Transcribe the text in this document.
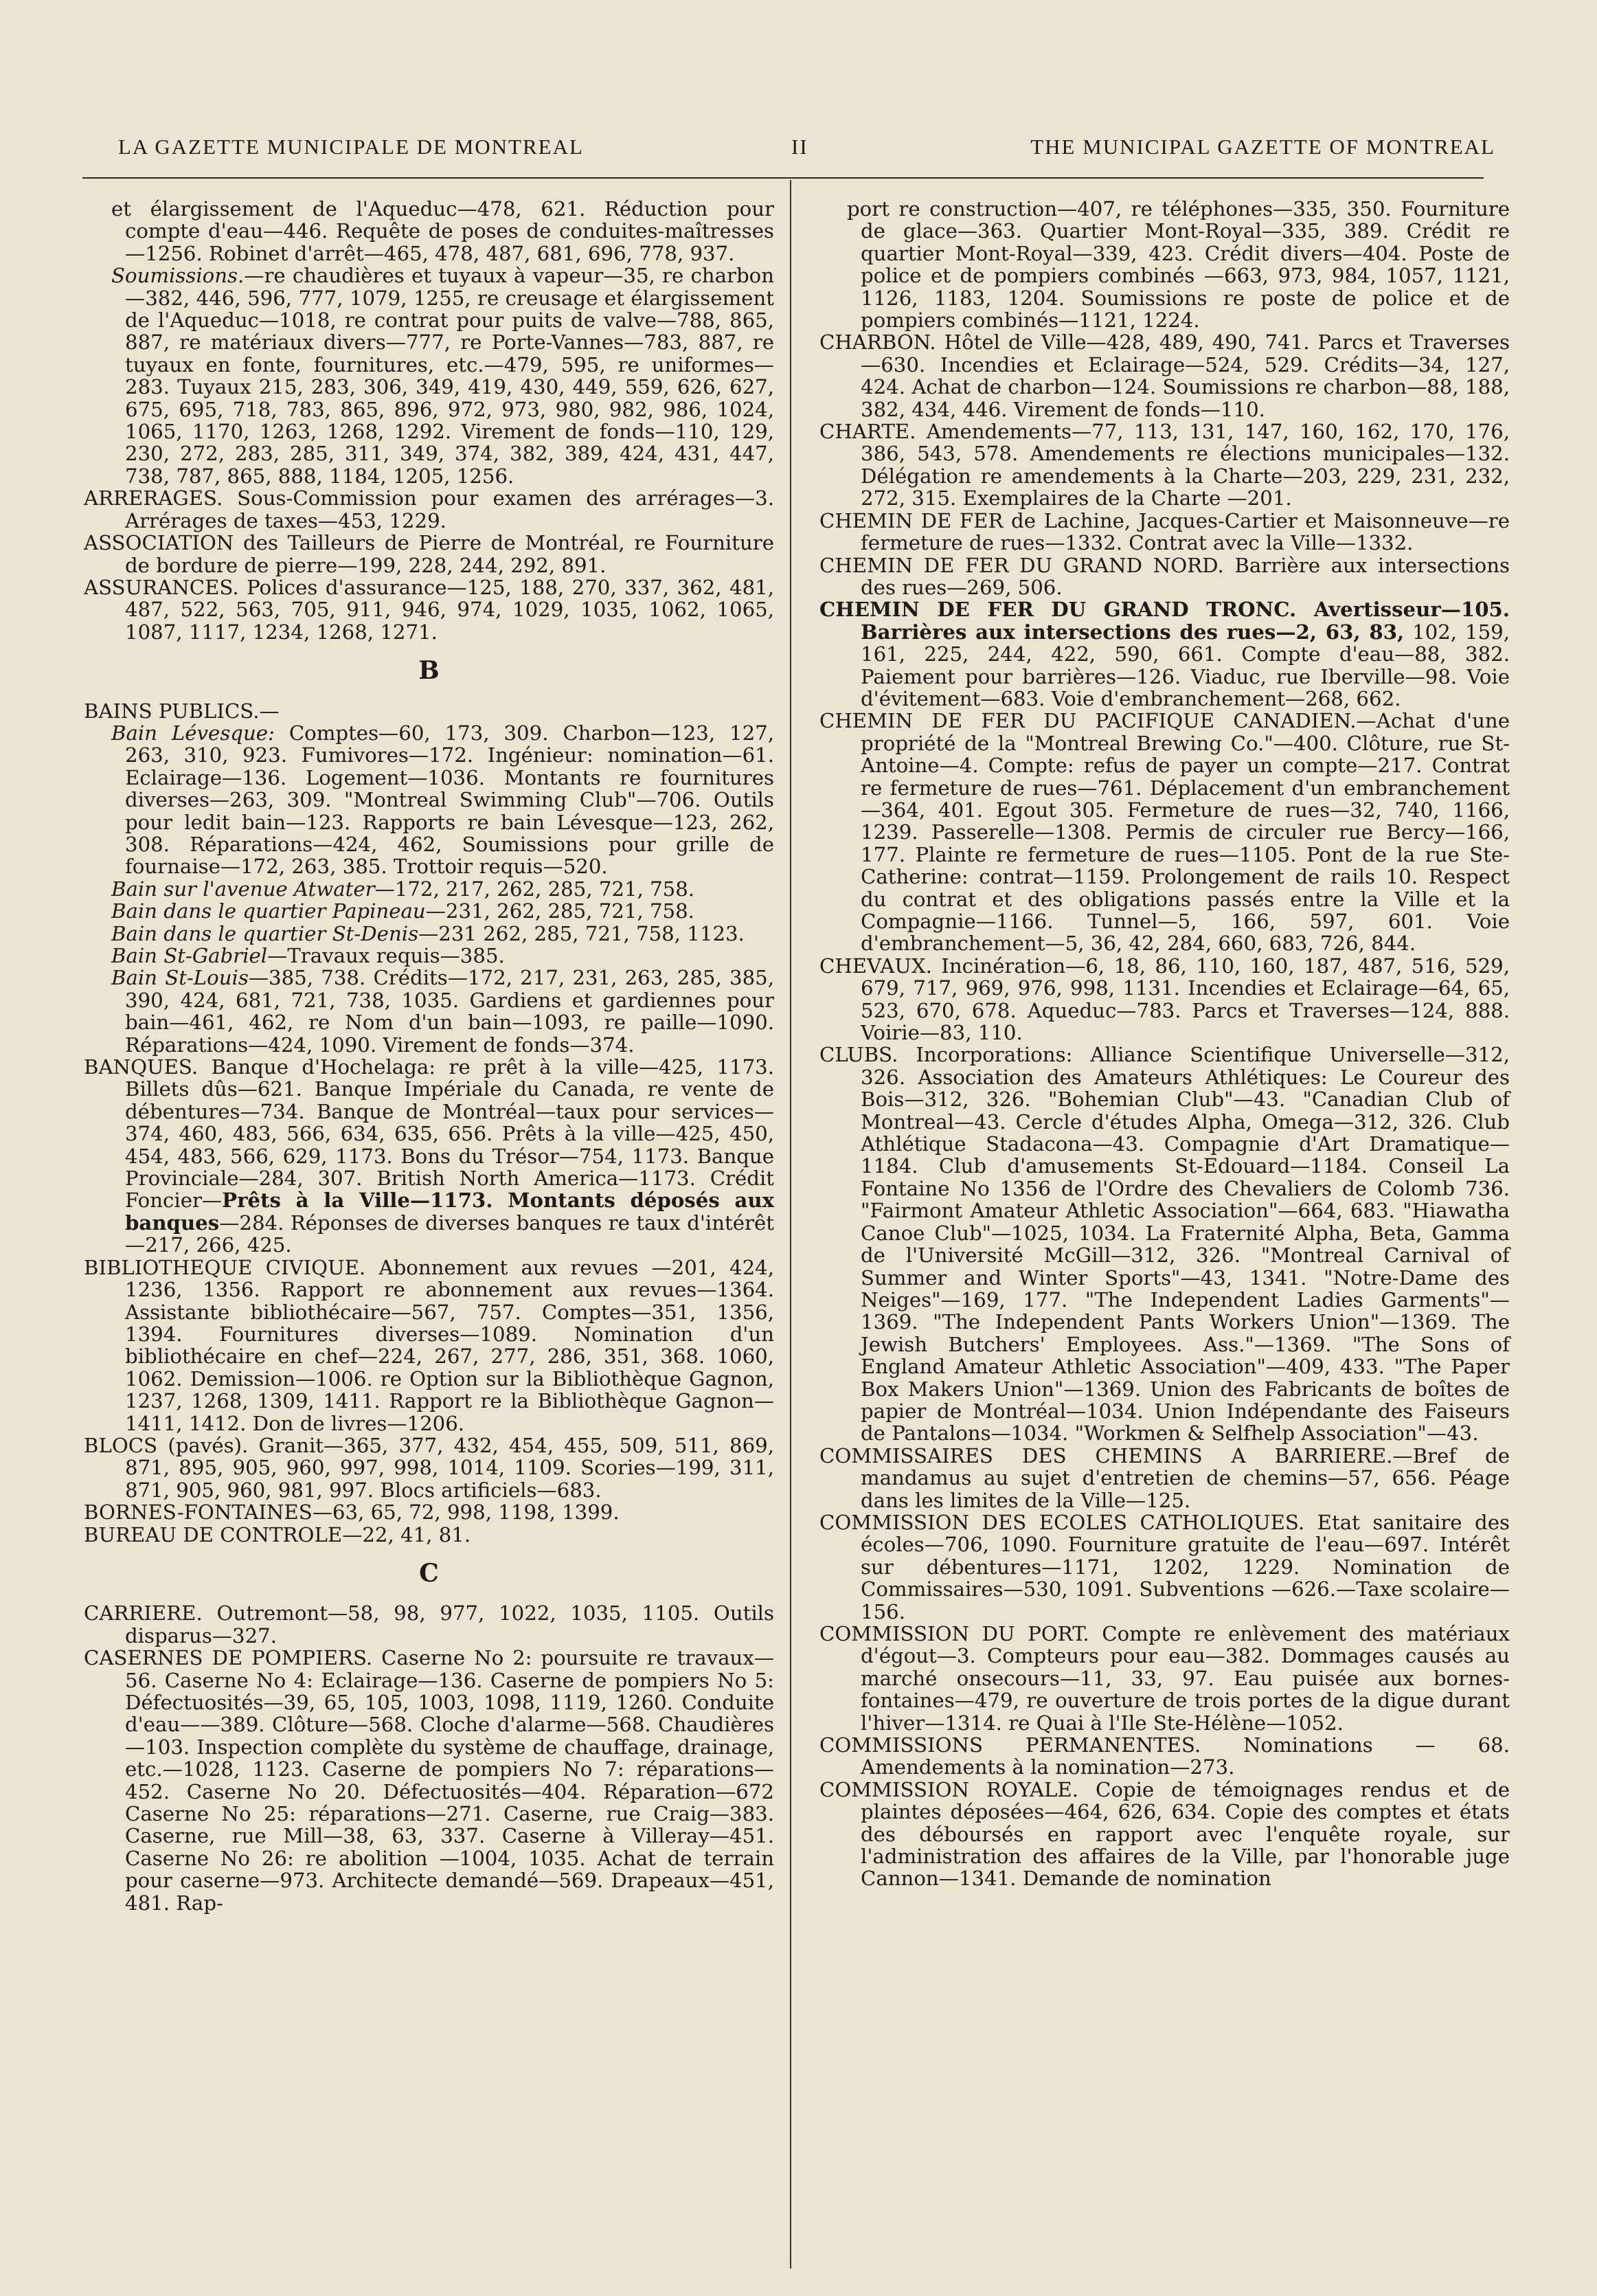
LA GAZETTE MUNICIPALE DE MONTREAL	II	THE MUNICIPAL GAZETTE OF MONTREAL

et élargissement de l'Aqueduc—478, 621. Réduction pour compte d'eau—446. Requête de poses de conduites-maîtresses—1256. Robinet d'arrêt—465, 478, 487, 681, 696, 778, 937.

Soumissions.—re chaudières et tuyaux à vapeur—35, re charbon—382, 446, 596, 777, 1079, 1255, re creusage et élargissement de l'Aqueduc—1018, re contrat pour puits de valve—788, 865, 887, re matériaux divers—777, re Porte-Vannes—783, 887, re tuyaux en fonte, fournitures, etc.—479, 595, re uniformes—283. Tuyaux 215, 283, 306, 349, 419, 430, 449, 559, 626, 627, 675, 695, 718, 783, 865, 896, 972, 973, 980, 982, 986, 1024, 1065, 1170, 1263, 1268, 1292. Virement de fonds—110, 129, 230, 272, 283, 285, 311, 349, 374, 382, 389, 424, 431, 447, 738, 787, 865, 888, 1184, 1205, 1256.

ARRERAGES. Sous-Commission pour examen des arrérages—3. Arrérages de taxes—453, 1229.

ASSOCIATION des Tailleurs de Pierre de Montréal, re Fourniture de bordure de pierre—199, 228, 244, 292, 891.

ASSURANCES. Polices d'assurance—125, 188, 270, 337, 362, 481, 487, 522, 563, 705, 911, 946, 974, 1029, 1035, 1062, 1065, 1087, 1117, 1234, 1268, 1271.

B

BAINS PUBLICS.—

Bain Lévesque: Comptes—60, 173, 309. Charbon—123, 127, 263, 310, 923. Fumivores—172. Ingénieur: nomination—61. Eclairage—136. Logement—1036. Montants re fournitures diverses—263, 309. "Montreal Swimming Club"—706. Outils pour ledit bain—123. Rapports re bain Lévesque—123, 262, 308. Réparations—424, 462, Soumissions pour grille de fournaise—172, 263, 385. Trottoir requis—520.

Bain sur l'avenue Atwater—172, 217, 262, 285, 721, 758.

Bain dans le quartier Papineau—231, 262, 285, 721, 758.

Bain dans le quartier St-Denis—231 262, 285, 721, 758, 1123.

Bain St-Gabriel—Travaux requis—385.

Bain St-Louis—385, 738. Crédits—172, 217, 231, 263, 285, 385, 390, 424, 681, 721, 738, 1035. Gardiens et gardiennes pour bain—461, 462, re Nom d'un bain—1093, re paille—1090. Réparations—424, 1090. Virement de fonds—374.

BANQUES. Banque d'Hochelaga: re prêt à la ville—425, 1173. Billets dûs—621. Banque Impériale du Canada, re vente de débentures—734. Banque de Montréal—taux pour services—374, 460, 483, 566, 634, 635, 656. Prêts à la ville—425, 450, 454, 483, 566, 629, 1173. Bons du Trésor—754, 1173. Banque Provinciale—284, 307. British North America—1173. Crédit Foncier—Prêts à la Ville—1173. Montants déposés aux banques—284. Réponses de diverses banques re taux d'intérêt—217, 266, 425.

BIBLIOTHEQUE CIVIQUE. Abonnement aux revues —201, 424, 1236, 1356. Rapport re abonnement aux revues—1364. Assistante bibliothécaire—567, 757. Comptes—351, 1356, 1394. Fournitures diverses—1089. Nomination d'un bibliothécaire en chef—224, 267, 277, 286, 351, 368. 1060, 1062. Demission—1006. re Option sur la Bibliothèque Gagnon, 1237, 1268, 1309, 1411. Rapport re la Bibliothèque Gagnon—1411, 1412. Don de livres—1206.

BLOCS (pavés). Granit—365, 377, 432, 454, 455, 509, 511, 869, 871, 895, 905, 960, 997, 998, 1014, 1109. Scories—199, 311, 871, 905, 960, 981, 997. Blocs artificiels—683.

BORNES-FONTAINES—63, 65, 72, 998, 1198, 1399.

BUREAU DE CONTROLE—22, 41, 81.

C

CARRIERE. Outremont—58, 98, 977, 1022, 1035, 1105. Outils disparus—327.

CASERNES DE POMPIERS. Caserne No 2: poursuite re travaux—56. Caserne No 4: Eclairage—136. Caserne de pompiers No 5: Défectuosités—39, 65, 105, 1003, 1098, 1119, 1260. Conduite d'eau——389. Clôture—568. Cloche d'alarme—568. Chaudières—103. Inspection complète du système de chauffage, drainage, etc.—1028, 1123. Caserne de pompiers No 7: réparations—452. Caserne No 20. Défectuosités—404. Réparation—672 Caserne No 25: réparations—271. Caserne, rue Craig—383. Caserne, rue Mill—38, 63, 337. Caserne à Villeray—451. Caserne No 26: re abolition —1004, 1035. Achat de terrain pour caserne—973. Architecte demandé—569. Drapeaux—451, 481. Rap-

port re construction—407, re téléphones—335, 350. Fourniture de glace—363. Quartier Mont-Royal—335, 389. Crédit re quartier Mont-Royal—339, 423. Crédit divers—404. Poste de police et de pompiers combinés —663, 973, 984, 1057, 1121, 1126, 1183, 1204. Soumissions re poste de police et de pompiers combinés—1121, 1224.

CHARBON. Hôtel de Ville—428, 489, 490, 741. Parcs et Traverses—630. Incendies et Eclairage—524, 529. Crédits—34, 127, 424. Achat de charbon—124. Soumissions re charbon—88, 188, 382, 434, 446. Virement de fonds—110.

CHARTE. Amendements—77, 113, 131, 147, 160, 162, 170, 176, 386, 543, 578. Amendements re élections municipales—132. Délégation re amendements à la Charte—203, 229, 231, 232, 272, 315. Exemplaires de la Charte —201.

CHEMIN DE FER de Lachine, Jacques-Cartier et Maisonneuve—re fermeture de rues—1332. Contrat avec la Ville—1332.

CHEMIN DE FER DU GRAND NORD. Barrière aux intersections des rues—269, 506.

CHEMIN DE FER DU GRAND TRONC. Avertisseur—105. Barrières aux intersections des rues—2, 63, 83, 102, 159, 161, 225, 244, 422, 590, 661. Compte d'eau—88, 382. Paiement pour barrières—126. Viaduc, rue Iberville—98. Voie d'évitement—683. Voie d'embranchement—268, 662.

CHEMIN DE FER DU PACIFIQUE CANADIEN.—Achat d'une propriété de la "Montreal Brewing Co."—400. Clôture, rue St-Antoine—4. Compte: refus de payer un compte—217. Contrat re fermeture de rues—761. Déplacement d'un embranchement—364, 401. Egout 305. Fermeture de rues—32, 740, 1166, 1239. Passerelle—1308. Permis de circuler rue Bercy—166, 177. Plainte re fermeture de rues—1105. Pont de la rue Ste-Catherine: contrat—1159. Prolongement de rails 10. Respect du contrat et des obligations passés entre la Ville et la Compagnie—1166. Tunnel—5, 166, 597, 601. Voie d'embranchement—5, 36, 42, 284, 660, 683, 726, 844.

CHEVAUX. Incinération—6, 18, 86, 110, 160, 187, 487, 516, 529, 679, 717, 969, 976, 998, 1131. Incendies et Eclairage—64, 65, 523, 670, 678. Aqueduc—783. Parcs et Traverses—124, 888. Voirie—83, 110.

CLUBS. Incorporations: Alliance Scientifique Universelle—312, 326. Association des Amateurs Athlétiques: Le Coureur des Bois—312, 326. "Bohemian Club"—43. "Canadian Club of Montreal—43. Cercle d'études Alpha, Omega—312, 326. Club Athlétique Stadacona—43. Compagnie d'Art Dramatique—1184. Club d'amusements St-Edouard—1184. Conseil La Fontaine No 1356 de l'Ordre des Chevaliers de Colomb 736. "Fairmont Amateur Athletic Association"—664, 683. "Hiawatha Canoe Club"—1025, 1034. La Fraternité Alpha, Beta, Gamma de l'Université McGill—312, 326. "Montreal Carnival of Summer and Winter Sports"—43, 1341. "Notre-Dame des Neiges"—169, 177. "The Independent Ladies Garments"—1369. "The Independent Pants Workers Union"—1369. The Jewish Butchers' Employees. Ass."—1369. "The Sons of England Amateur Athletic Association"—409, 433. "The Paper Box Makers Union"—1369. Union des Fabricants de boîtes de papier de Montréal—1034. Union Indépendante des Faiseurs de Pantalons—1034. "Workmen & Selfhelp Association"—43.

COMMISSAIRES DES CHEMINS A BARRIERE.—Bref de mandamus au sujet d'entretien de chemins—57, 656. Péage dans les limites de la Ville—125.

COMMISSION DES ECOLES CATHOLIQUES. Etat sanitaire des écoles—706, 1090. Fourniture gratuite de l'eau—697. Intérêt sur débentures—1171, 1202, 1229. Nomination de Commissaires—530, 1091. Subventions —626.—Taxe scolaire—156.

COMMISSION DU PORT. Compte re enlèvement des matériaux d'égout—3. Compteurs pour eau—382. Dommages causés au marché onsecours—11, 33, 97. Eau puisée aux bornes-fontaines—479, re ouverture de trois portes de la digue durant l'hiver—1314. re Quai à l'Ile Ste-Hélène—1052.

COMMISSIONS PERMANENTES. Nominations — 68. Amendements à la nomination—273.

COMMISSION ROYALE. Copie de témoignages rendus et de plaintes déposées—464, 626, 634. Copie des comptes et états des déboursés en rapport avec l'enquête royale, sur l'administration des affaires de la Ville, par l'honorable juge Cannon—1341. Demande de nomination
